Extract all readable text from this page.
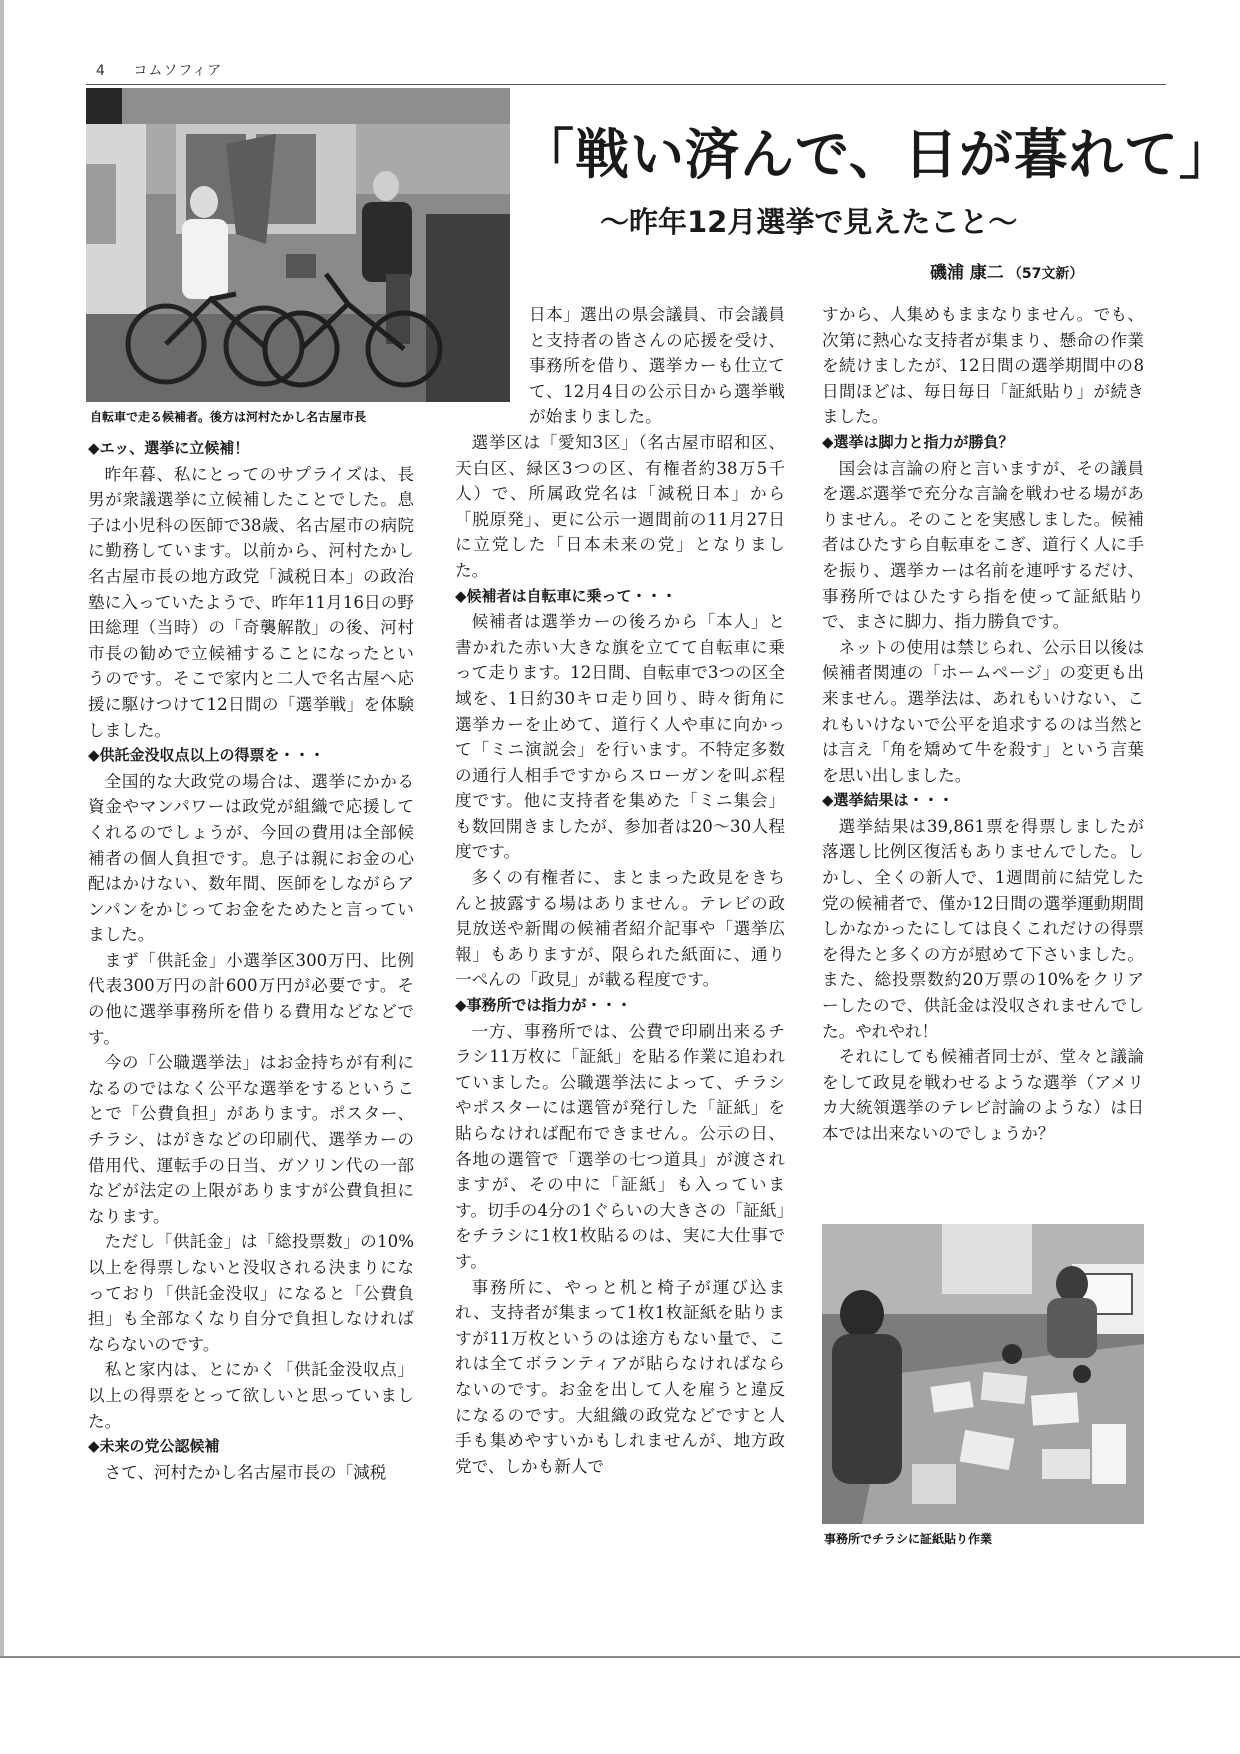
4 コムソフィア
自転車で走る候補者。後方は河村たかし名古屋市長
「戦い済んで、日が暮れて」
～昨年12月選挙で見えたこと～
磯浦 康二 （57文新）
◆エッ、選挙に立候補！

昨年暮、私にとってのサプライズは、長男が衆議選挙に立候補したことでした。息子は小児科の医師で38歳、名古屋市の病院に勤務しています。以前から、河村たかし名古屋市長の地方政党「減税日本」の政治塾に入っていたようで、昨年11月16日の野田総理（当時）の「奇襲解散」の後、河村市長の勧めで立候補することになったというのです。そこで家内と二人で名古屋へ応援に駆けつけて12日間の「選挙戦」を体験しました。

◆供託金没収点以上の得票を・・・

全国的な大政党の場合は、選挙にかかる資金やマンパワーは政党が組織で応援してくれるのでしょうが、今回の費用は全部候補者の個人負担です。息子は親にお金の心配はかけない、数年間、医師をしながらアンパンをかじってお金をためたと言っていました。

まず「供託金」小選挙区300万円、比例代表300万円の計600万円が必要です。その他に選挙事務所を借りる費用などなどです。

今の「公職選挙法」はお金持ちが有利になるのではなく公平な選挙をするということで「公費負担」があります。ポスター、チラシ、はがきなどの印刷代、選挙カーの借用代、運転手の日当、ガソリン代の一部などが法定の上限がありますが公費負担になります。

ただし「供託金」は「総投票数」の10%以上を得票しないと没収される決まりになっており「供託金没収」になると「公費負担」も全部なくなり自分で負担しなければならないのです。

私と家内は、とにかく「供託金没収点」以上の得票をとって欲しいと思っていました。

◆未来の党公認候補

さて、河村たかし名古屋市長の「減税

日本」選出の県会議員、市会議員と支持者の皆さんの応援を受け、事務所を借り、選挙カーも仕立てて、12月4日の公示日から選挙戦が始まりました。

選挙区は「愛知3区」（名古屋市昭和区、天白区、緑区3つの区、有権者約38万5千人）で、所属政党名は「減税日本」から「脱原発」、更に公示一週間前の11月27日に立党した「日本未来の党」となりました。

◆候補者は自転車に乗って・・・

候補者は選挙カーの後ろから「本人」と書かれた赤い大きな旗を立てて自転車に乗って走ります。12日間、自転車で3つの区全域を、1日約30キロ走り回り、時々街角に選挙カーを止めて、道行く人や車に向かって「ミニ演説会」を行います。不特定多数の通行人相手ですからスローガンを叫ぶ程度です。他に支持者を集めた「ミニ集会」も数回開きましたが、参加者は20～30人程度です。

多くの有権者に、まとまった政見をきちんと披露する場はありません。テレビの政見放送や新聞の候補者紹介記事や「選挙広報」もありますが、限られた紙面に、通り一ぺんの「政見」が載る程度です。

◆事務所では指力が・・・

一方、事務所では、公費で印刷出来るチラシ11万枚に「証紙」を貼る作業に追われていました。公職選挙法によって、チラシやポスターには選管が発行した「証紙」を貼らなければ配布できません。公示の日、各地の選管で「選挙の七つ道具」が渡されますが、その中に「証紙」も入っています。切手の4分の1ぐらいの大きさの「証紙」をチラシに1枚1枚貼るのは、実に大仕事です。

事務所に、やっと机と椅子が運び込まれ、支持者が集まって1枚1枚証紙を貼りますが11万枚というのは途方もない量で、これは全てボランティアが貼らなければならないのです。お金を出して人を雇うと違反になるのです。大組織の政党などですと人手も集めやすいかもしれませんが、地方政党で、しかも新人で

すから、人集めもままなりません。でも、次第に熱心な支持者が集まり、懸命の作業を続けましたが、12日間の選挙期間中の8日間ほどは、毎日毎日「証紙貼り」が続きました。

◆選挙は脚力と指力が勝負？

国会は言論の府と言いますが、その議員を選ぶ選挙で充分な言論を戦わせる場がありません。そのことを実感しました。候補者はひたすら自転車をこぎ、道行く人に手を振り、選挙カーは名前を連呼するだけ、事務所ではひたすら指を使って証紙貼りで、まさに脚力、指力勝負です。

ネットの使用は禁じられ、公示日以後は候補者関連の「ホームページ」の変更も出来ません。選挙法は、あれもいけない、これもいけないで公平を追求するのは当然とは言え「角を矯めて牛を殺す」という言葉を思い出しました。

◆選挙結果は・・・

選挙結果は39,861票を得票しましたが落選し比例区復活もありませんでした。しかし、全くの新人で、1週間前に結党した党の候補者で、僅か12日間の選挙運動期間しかなかったにしては良くこれだけの得票を得たと多くの方が慰めて下さいました。また、総投票数約20万票の10%をクリアーしたので、供託金は没収されませんでした。やれやれ！

それにしても候補者同士が、堂々と議論をして政見を戦わせるような選挙（アメリカ大統領選挙のテレビ討論のような）は日本では出来ないのでしょうか？

事務所でチラシに証紙貼り作業
